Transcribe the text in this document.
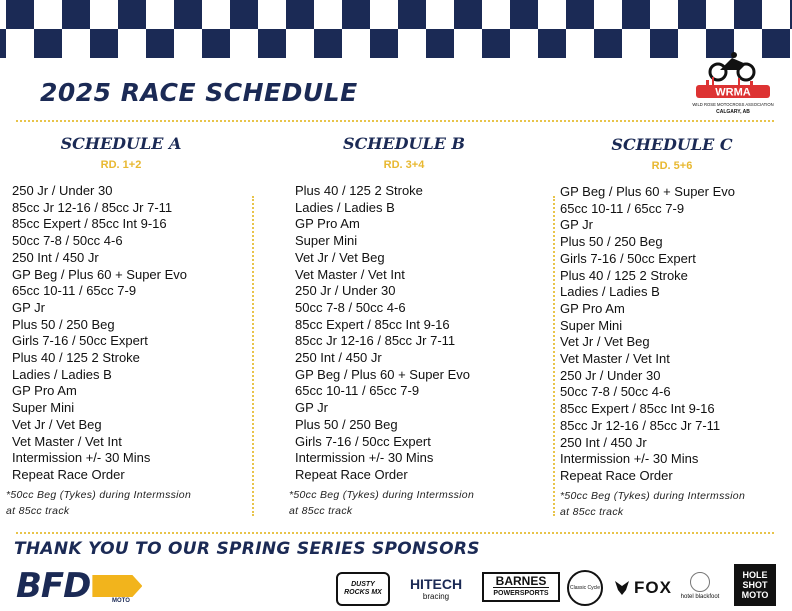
2025 RACE SCHEDULE	WRMA
WILD ROSE MOTOCROSS ASSOCIATION
CALGARY, AB
SCHEDULE A
RD. 1+2
250 Jr / Under 30
85cc Jr 12-16 / 85cc Jr 7-11
85cc Expert / 85cc Int 9-16
50cc 7-8 / 50cc 4-6
250 Int / 450 Jr
GP Beg / Plus 60 + Super Evo
65cc 10-11 / 65cc 7-9
GP Jr
Plus 50 / 250 Beg
Girls 7-16 / 50cc Expert
Plus 40 / 125 2 Stroke
Ladies / Ladies B
GP Pro Am
Super Mini
Vet Jr / Vet Beg
Vet Master / Vet Int
Intermission +/- 30 Mins
Repeat Race Order
*50cc Beg (Tykes) during Intermssion
at 85cc track
SCHEDULE B
RD. 3+4
Plus 40 / 125 2 Stroke
Ladies / Ladies B
GP Pro Am
Super Mini
Vet Jr / Vet Beg
Vet Master / Vet Int
250 Jr / Under 30
50cc 7-8 / 50cc 4-6
85cc Expert / 85cc Int 9-16
85cc Jr 12-16 / 85cc Jr 7-11
250 Int / 450 Jr
GP Beg / Plus 60 + Super Evo
65cc 10-11 / 65cc 7-9
GP Jr
Plus 50 / 250 Beg
Girls 7-16 / 50cc Expert
Intermission +/- 30 Mins
Repeat Race Order
*50cc Beg (Tykes) during Intermssion
at 85cc track
SCHEDULE C
RD. 5+6
GP Beg / Plus 60 + Super Evo
65cc 10-11 / 65cc 7-9
GP Jr
Plus 50 / 250 Beg
Girls 7-16 / 50cc Expert
Plus 40 / 125 2 Stroke
Ladies / Ladies B
GP Pro Am
Super Mini
Vet Jr / Vet Beg
Vet Master / Vet Int
250 Jr / Under 30
50cc 7-8 / 50cc 4-6
85cc Expert / 85cc Int 9-16
85cc Jr 12-16 / 85cc Jr 7-11
250 Int / 450 Jr
Intermission +/- 30 Mins
Repeat Race Order
*50cc Beg (Tykes) during Intermssion
at 85cc track
THANK YOU TO OUR SPRING SERIES SPONSORS
BFD	MOTO
DUSTY ROCKS MX
HITECH
bracing
BARNES
POWERSPORTS
Classic Cycle FOX hotel blackfoot
HOLE SHOT MOTO
